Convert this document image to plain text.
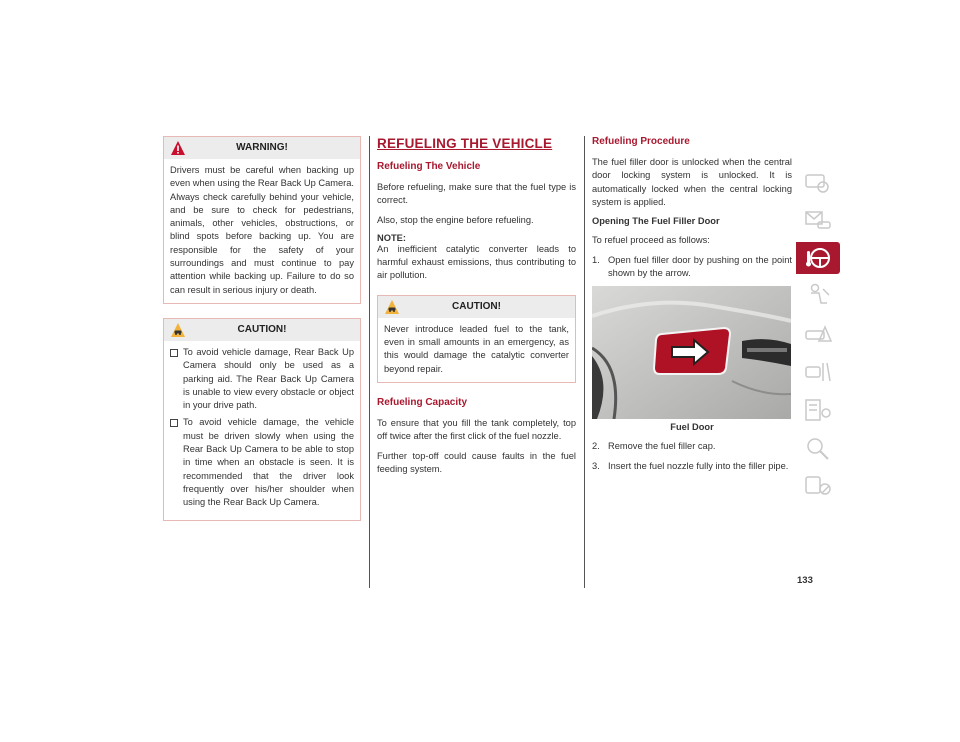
WARNING!

Drivers must be careful when backing up even when using the Rear Back Up Camera. Always check carefully behind your vehicle, and be sure to check for pedestrians, animals, other vehicles, obstructions, or blind spots before backing up. You are responsible for the safety of your surroundings and must continue to pay attention while backing up. Failure to do so can result in serious injury or death.

CAUTION!
To avoid vehicle damage, Rear Back Up Camera should only be used as a parking aid. The Rear Back Up Camera is unable to view every obstacle or object in your drive path.
To avoid vehicle damage, the vehicle must be driven slowly when using the Rear Back Up Camera to be able to stop in time when an obstacle is seen. It is recommended that the driver look frequently over his/her shoulder when using the Rear Back Up Camera.
REFUELING THE VEHICLE
Refueling The Vehicle

Before refueling, make sure that the fuel type is correct.

Also, stop the engine before refueling.

NOTE:

An inefficient catalytic converter leads to harmful exhaust emissions, thus contributing to air pollution.

CAUTION!

Never introduce leaded fuel to the tank, even in small amounts in an emergency, as this would damage the catalytic converter beyond repair.

Refueling Capacity

To ensure that you fill the tank completely, top off twice after the first click of the fuel nozzle.

Further top-off could cause faults in the fuel feeding system.

Refueling Procedure

The fuel filler door is unlocked when the central door locking system is unlocked. It is automatically locked when the central locking system is applied.

Opening The Fuel Filler Door

To refuel proceed as follows:

1. Open fuel filler door by pushing on the point shown by the arrow.
Fuel Door
2. Remove the fuel filler cap.
3. Insert the fuel nozzle fully into the filler pipe.
133
